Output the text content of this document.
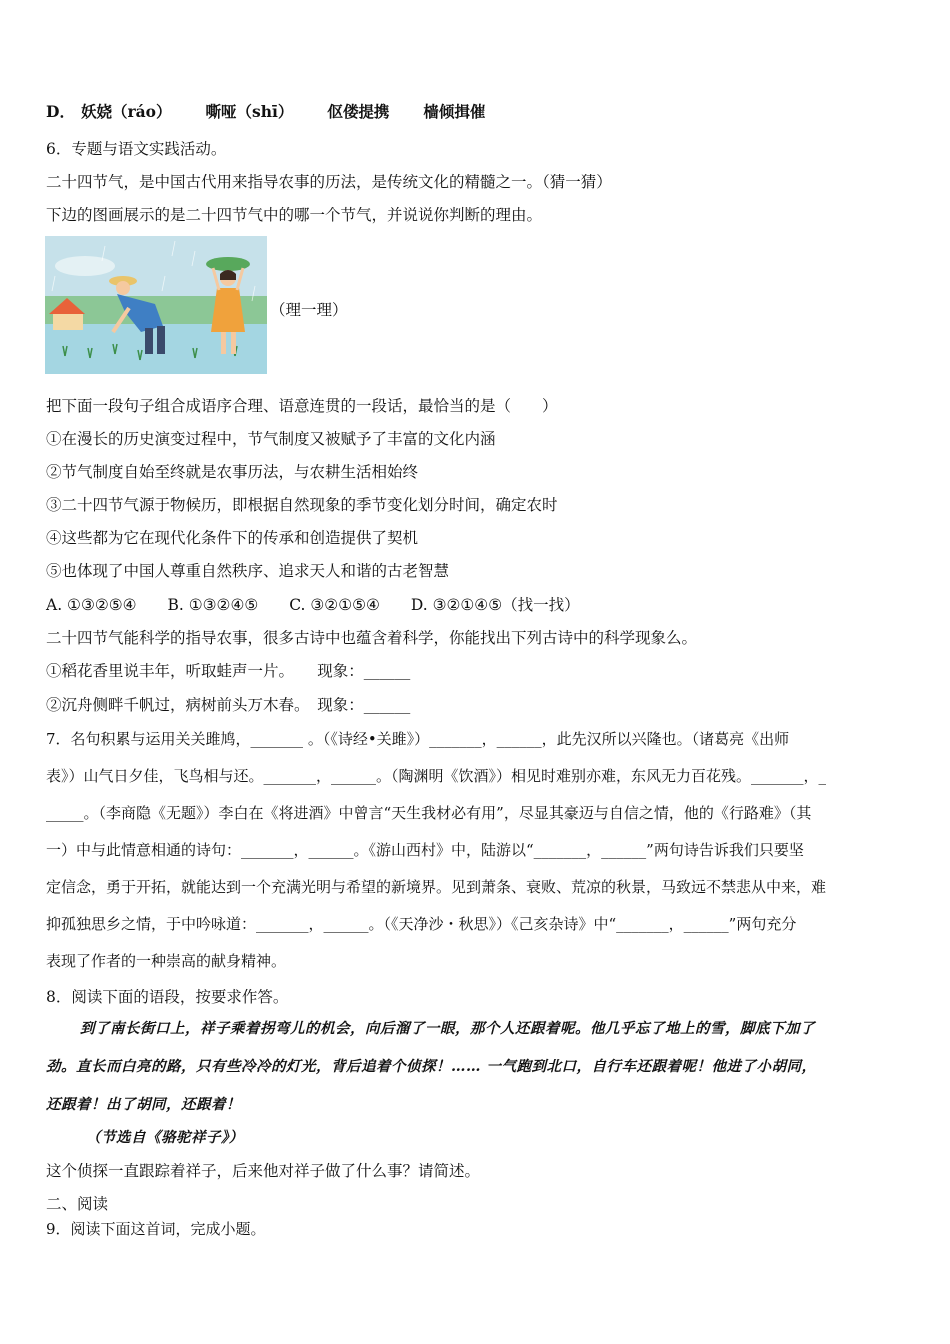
D． 妖娆（ráo） 嘶哑（shī） 伛偻提携 樯倾揖催
6．专题与语文实践活动。
二十四节气，是中国古代用来指导农事的历法，是传统文化的精髓之一。（猜一猜）
下边的图画展示的是二十四节气中的哪一个节气，并说说你判断的理由。
（理一理）
把下面一段句子组合成语序合理、语意连贯的一段话，最恰当的是（　　）
①在漫长的历史演变过程中，节气制度又被赋予了丰富的文化内涵
②节气制度自始至终就是农事历法，与农耕生活相始终
③二十四节气源于物候历，即根据自然现象的季节变化划分时间，确定农时
④这些都为它在现代化条件下的传承和创造提供了契机
⑤也体现了中国人尊重自然秩序、追求天人和谐的古老智慧
A. ①③②⑤④　　B. ①③②④⑤　　C. ③②①⑤④　　D. ③②①④⑤（找一找）
二十四节气能科学的指导农事，很多古诗中也蕴含着科学，你能找出下列古诗中的科学现象么。
①稻花香里说丰年，听取蛙声一片。　　现象：______
②沉舟侧畔千帆过，病树前头万木春。　现象：______
7．名句积累与运用关关雎鸠，_______ 。（《诗经•关雎》）_______，______，此先汉所以兴隆也。（诸葛亮《出师
表》）山气日夕佳，飞鸟相与还。_______，______。（陶渊明《饮酒》）相见时难别亦难，东风无力百花残。_______，_
_____。（李商隐《无题》）李白在《将进酒》中曾言“天生我材必有用”，尽显其豪迈与自信之情，他的《行路难》（其
一）中与此情意相通的诗句：_______，______。《游山西村》中，陆游以“_______，______”两句诗告诉我们只要坚
定信念，勇于开拓，就能达到一个充满光明与希望的新境界。见到萧条、衰败、荒凉的秋景，马致远不禁悲从中来，难
抑孤独思乡之情，于中吟咏道：_______，______。（《天净沙・秋思》）《己亥杂诗》中“_______，______”两句充分
表现了作者的一种崇高的献身精神。
8．阅读下面的语段，按要求作答。
到了南长街口上，祥子乘着拐弯儿的机会，向后溜了一眼，那个人还跟着呢。他几乎忘了地上的雪，脚底下加了
劲。直长而白亮的路，只有些冷冷的灯光，背后追着个侦探！…… 一气跑到北口，自行车还跟着呢！他进了小胡同，
还跟着！出了胡同，还跟着！
（节选自《骆驼祥子》）
这个侦探一直跟踪着祥子，后来他对祥子做了什么事？请简述。
二、阅读
9．阅读下面这首词，完成小题。
